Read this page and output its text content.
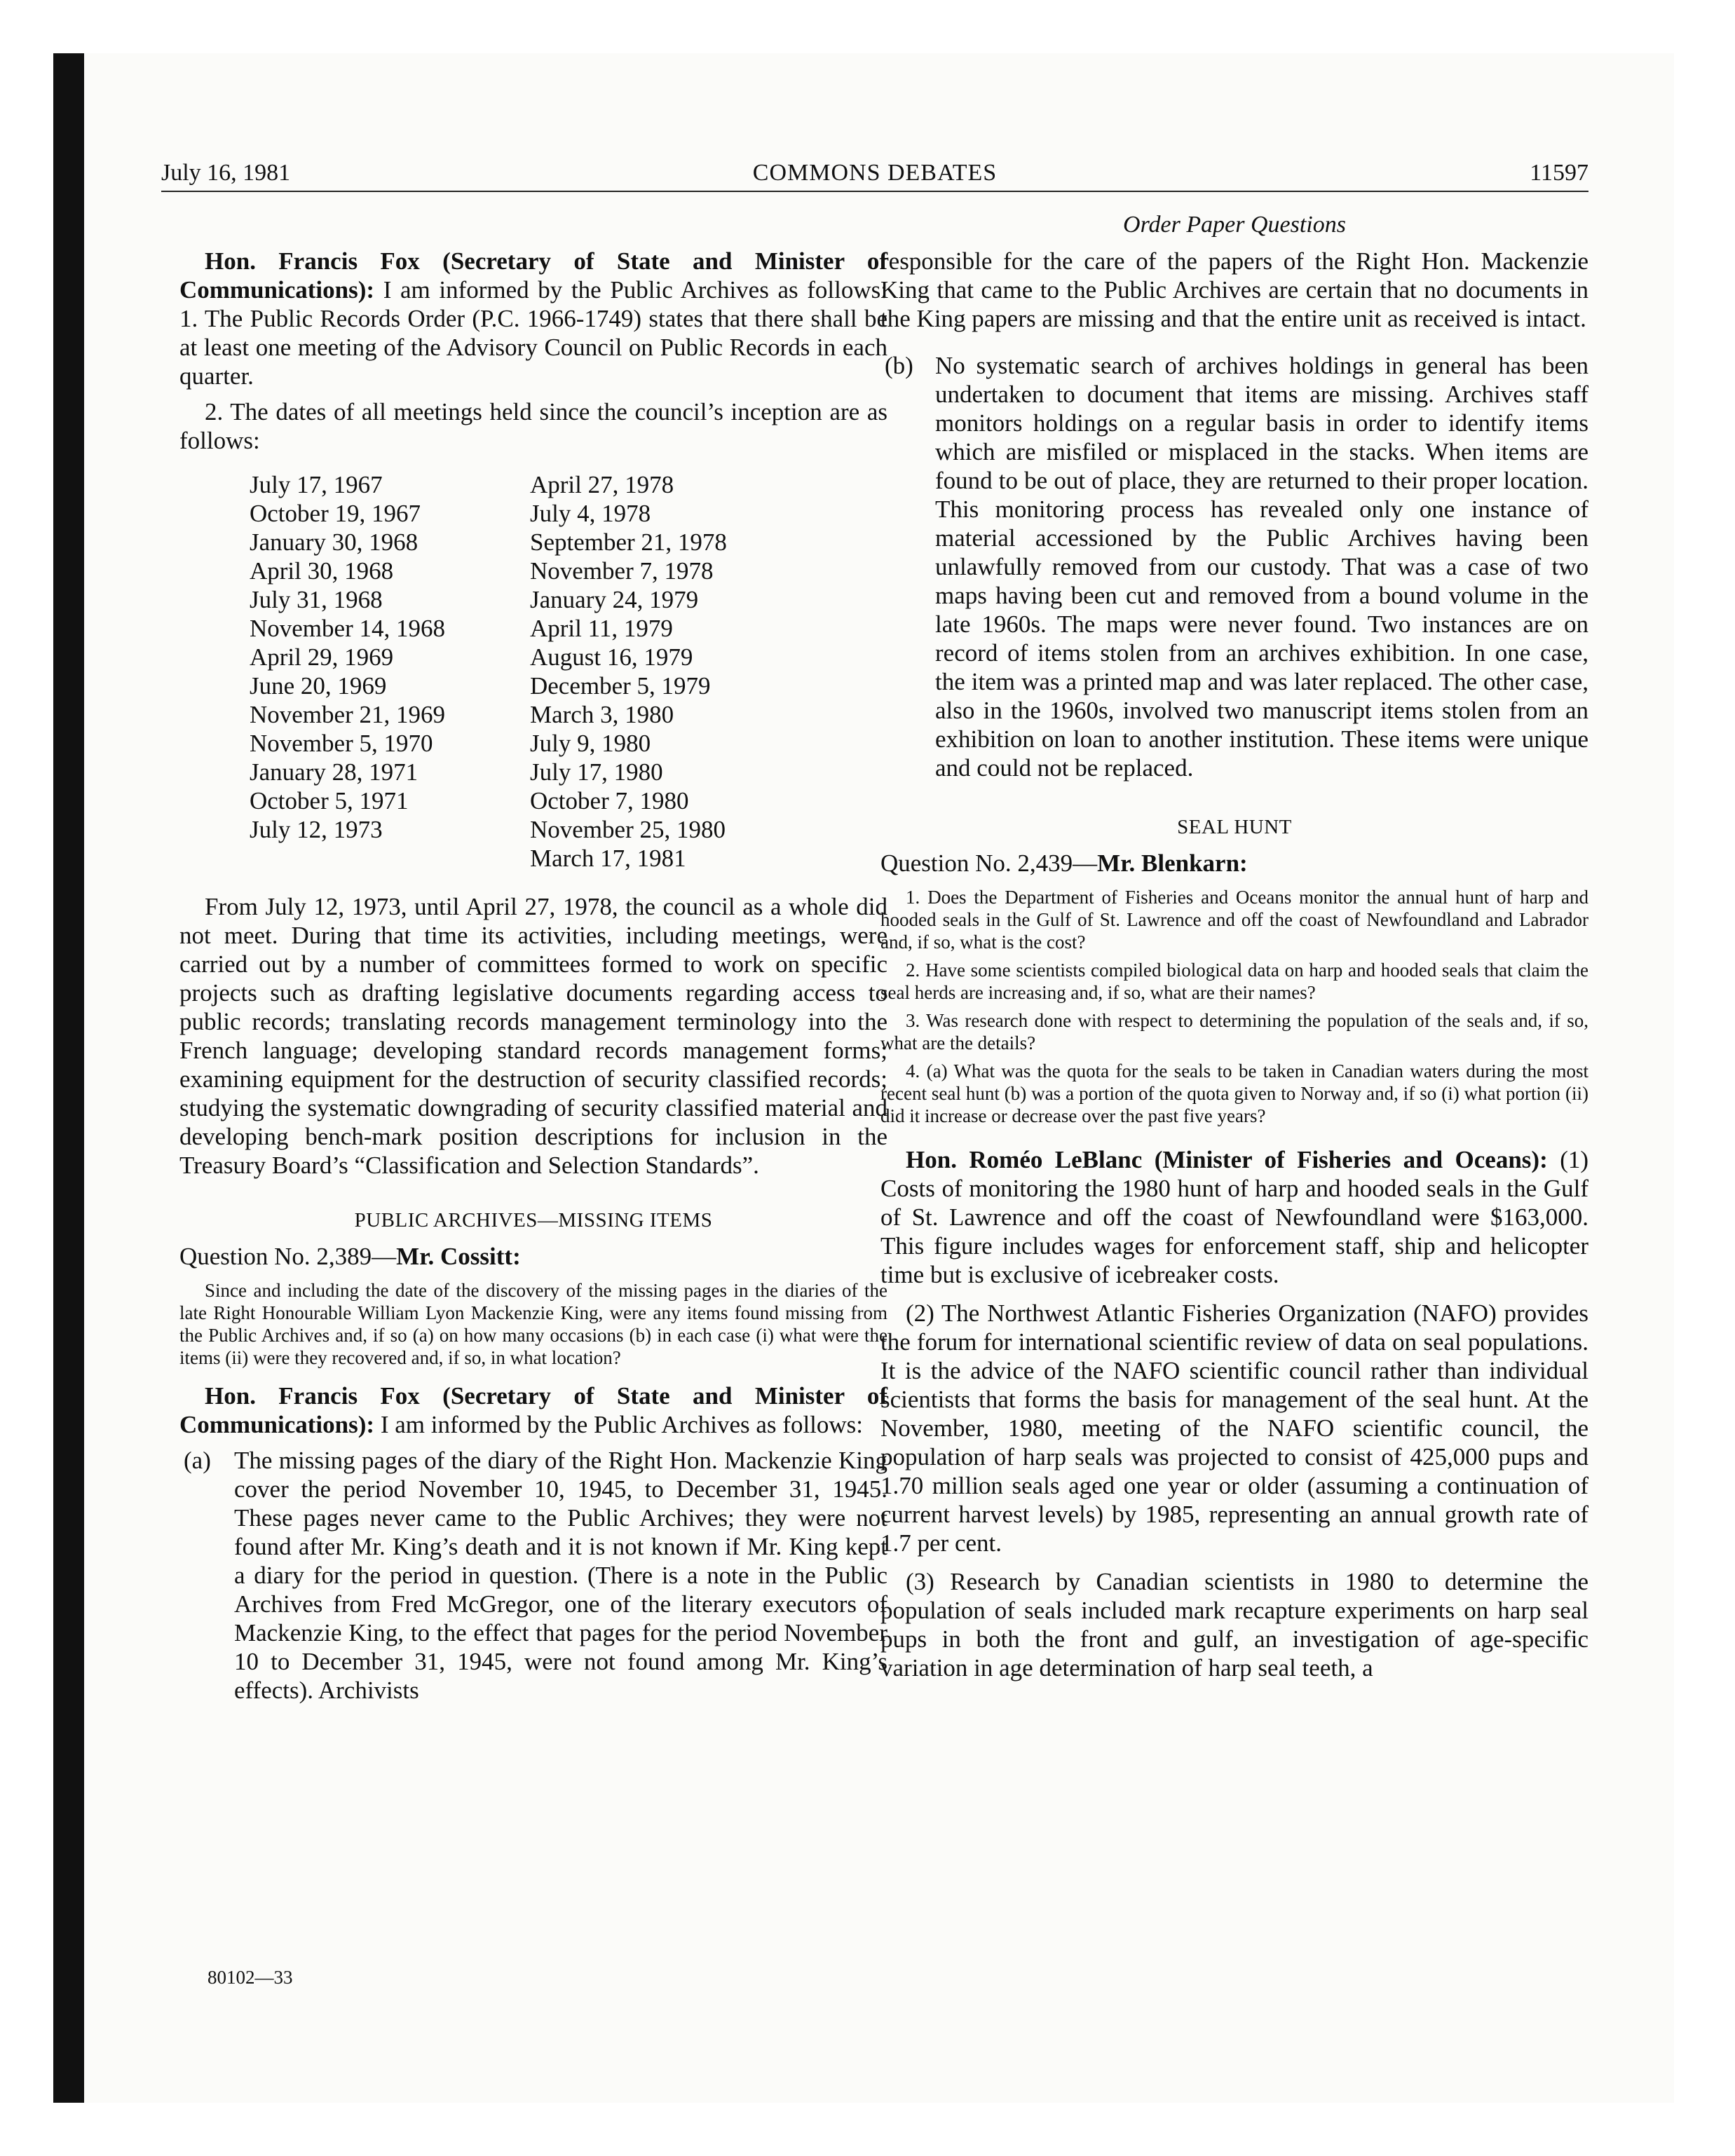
July 16, 1981	COMMONS DEBATES	11597
Order Paper Questions

Hon. Francis Fox (Secretary of State and Minister of Communications): I am informed by the Public Archives as follows: 1. The Public Records Order (P.C. 1966-1749) states that there shall be at least one meeting of the Advisory Council on Public Records in each quarter.

2. The dates of all meetings held since the council’s inception are as follows:

July 17, 1967
October 19, 1967
January 30, 1968
April 30, 1968
July 31, 1968
November 14, 1968
April 29, 1969
June 20, 1969
November 21, 1969
November 5, 1970
January 28, 1971
October 5, 1971
July 12, 1973
April 27, 1978
July 4, 1978
September 21, 1978
November 7, 1978
January 24, 1979
April 11, 1979
August 16, 1979
December 5, 1979
March 3, 1980
July 9, 1980
July 17, 1980
October 7, 1980
November 25, 1980
March 17, 1981

From July 12, 1973, until April 27, 1978, the council as a whole did not meet. During that time its activities, including meetings, were carried out by a number of committees formed to work on specific projects such as drafting legislative documents regarding access to public records; translating records management terminology into the French language; developing standard records management forms; examining equipment for the destruction of security classified records; studying the systematic downgrading of security classified material and developing bench-mark position descriptions for inclusion in the Treasury Board’s “Classification and Selection Standards”.

PUBLIC ARCHIVES—MISSING ITEMS
Question No. 2,389—Mr. Cossitt:

Since and including the date of the discovery of the missing pages in the diaries of the late Right Honourable William Lyon Mackenzie King, were any items found missing from the Public Archives and, if so (a) on how many occasions (b) in each case (i) what were the items (ii) were they recovered and, if so, in what location?

Hon. Francis Fox (Secretary of State and Minister of Communications): I am informed by the Public Archives as follows:

(a) The missing pages of the diary of the Right Hon. Mackenzie King cover the period November 10, 1945, to December 31, 1945. These pages never came to the Public Archives; they were not found after Mr. King’s death and it is not known if Mr. King kept a diary for the period in question. (There is a note in the Public Archives from Fred McGregor, one of the literary executors of Mackenzie King, to the effect that pages for the period November 10 to December 31, 1945, were not found among Mr. King’s effects). Archivists

responsible for the care of the papers of the Right Hon. Mackenzie King that came to the Public Archives are certain that no documents in the King papers are missing and that the entire unit as received is intact.

(b) No systematic search of archives holdings in general has been undertaken to document that items are missing. Archives staff monitors holdings on a regular basis in order to identify items which are misfiled or misplaced in the stacks. When items are found to be out of place, they are returned to their proper location. This monitoring process has revealed only one instance of material accessioned by the Public Archives having been unlawfully removed from our custody. That was a case of two maps having been cut and removed from a bound volume in the late 1960s. The maps were never found. Two instances are on record of items stolen from an archives exhibition. In one case, the item was a printed map and was later replaced. The other case, also in the 1960s, involved two manuscript items stolen from an exhibition on loan to another institution. These items were unique and could not be replaced.
SEAL HUNT
Question No. 2,439—Mr. Blenkarn:

1. Does the Department of Fisheries and Oceans monitor the annual hunt of harp and hooded seals in the Gulf of St. Lawrence and off the coast of Newfoundland and Labrador and, if so, what is the cost?

2. Have some scientists compiled biological data on harp and hooded seals that claim the seal herds are increasing and, if so, what are their names?

3. Was research done with respect to determining the population of the seals and, if so, what are the details?

4. (a) What was the quota for the seals to be taken in Canadian waters during the most recent seal hunt (b) was a portion of the quota given to Norway and, if so (i) what portion (ii) did it increase or decrease over the past five years?

Hon. Roméo LeBlanc (Minister of Fisheries and Oceans): (1) Costs of monitoring the 1980 hunt of harp and hooded seals in the Gulf of St. Lawrence and off the coast of Newfoundland were $163,000. This figure includes wages for enforcement staff, ship and helicopter time but is exclusive of icebreaker costs.

(2) The Northwest Atlantic Fisheries Organization (NAFO) provides the forum for international scientific review of data on seal populations. It is the advice of the NAFO scientific council rather than individual scientists that forms the basis for management of the seal hunt. At the November, 1980, meeting of the NAFO scientific council, the population of harp seals was projected to consist of 425,000 pups and 1.70 million seals aged one year or older (assuming a continuation of current harvest levels) by 1985, representing an annual growth rate of 1.7 per cent.

(3) Research by Canadian scientists in 1980 to determine the population of seals included mark recapture experiments on harp seal pups in both the front and gulf, an investigation of age-specific variation in age determination of harp seal teeth, a

80102—33
